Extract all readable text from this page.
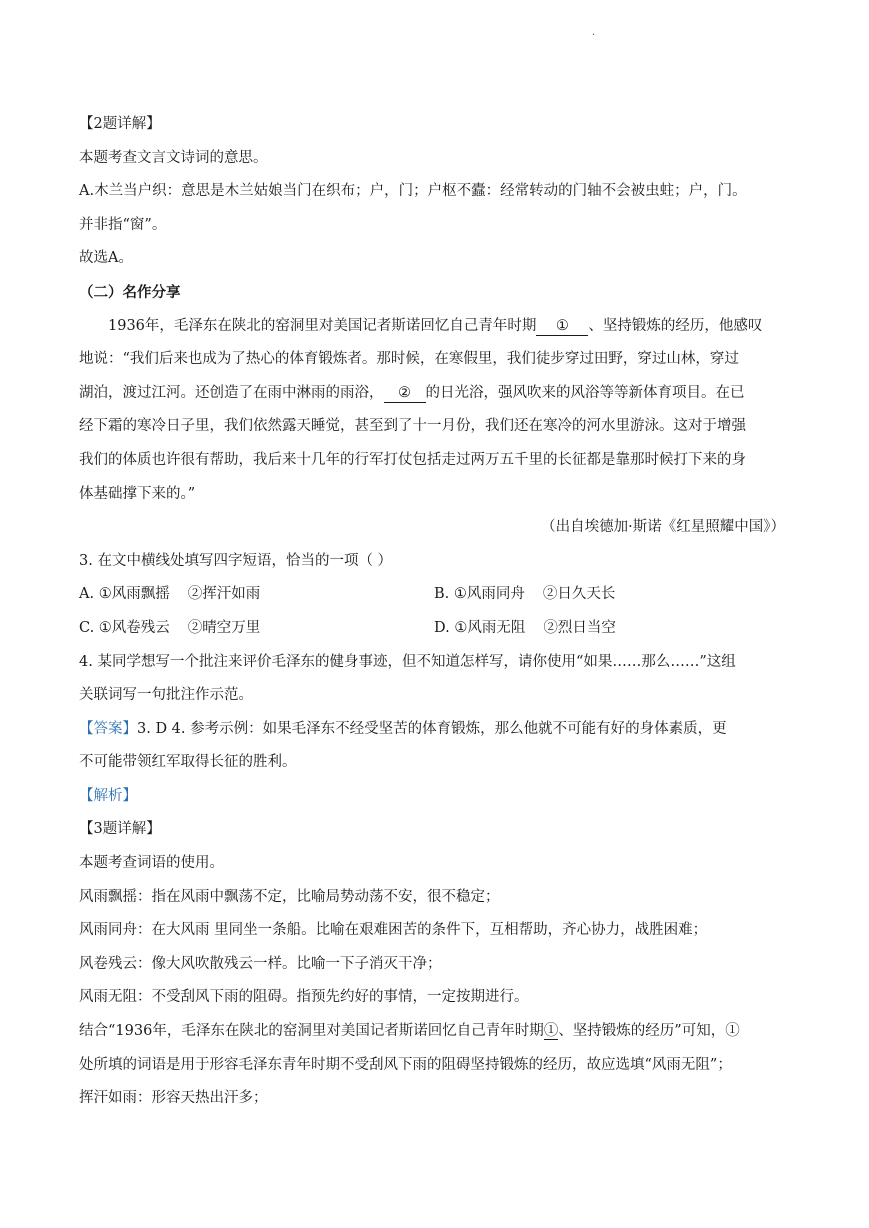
·
【2题详解】
本题考查文言文诗词的意思。
A.木兰当户织：意思是木兰姑娘当门在织布；户，门；户枢不蠹：经常转动的门轴不会被虫蛀；户，门。
并非指“窗”。
故选A。
（二）名作分享
1936年，毛泽东在陕北的窑洞里对美国记者斯诺回忆自己青年时期 ① 、坚持锻炼的经历，他感叹
地说：“我们后来也成为了热心的体育锻炼者。那时候，在寒假里，我们徒步穿过田野，穿过山林，穿过
湖泊，渡过江河。还创造了在雨中淋雨的雨浴， ② 的日光浴，强风吹来的风浴等等新体育项目。在已
经下霜的寒冷日子里，我们依然露天睡觉，甚至到了十一月份，我们还在寒冷的河水里游泳。这对于增强
我们的体质也许很有帮助，我后来十几年的行军打仗包括走过两万五千里的长征都是靠那时候打下来的身
体基础撑下来的。”
（出自埃德加·斯诺《红星照耀中国》）
3. 在文中横线处填写四字短语，恰当的一项（ ）
A. ①风雨飘摇 ②挥汗如雨	B. ①风雨同舟 ②日久天长
C. ①风卷残云 ②晴空万里	D. ①风雨无阻 ②烈日当空
4. 某同学想写一个批注来评价毛泽东的健身事迹，但不知道怎样写，请你使用“如果……那么……”这组
关联词写一句批注作示范。
【答案】3. D 4. 参考示例：如果毛泽东不经受坚苦的体育锻炼，那么他就不可能有好的身体素质，更
不可能带领红军取得长征的胜利。
【解析】
【3题详解】
本题考查词语的使用。
风雨飘摇：指在风雨中飘荡不定，比喻局势动荡不安，很不稳定；
风雨同舟：在大风雨 里同坐一条船。比喻在艰难困苦的条件下，互相帮助，齐心协力，战胜困难；
风卷残云：像大风吹散残云一样。比喻一下子消灭干净；
风雨无阻：不受刮风下雨的阻碍。指预先约好的事情，一定按期进行。
结合“1936年，毛泽东在陕北的窑洞里对美国记者斯诺回忆自己青年时期①、坚持锻炼的经历”可知，①
处所填的词语是用于形容毛泽东青年时期不受刮风下雨的阻碍坚持锻炼的经历，故应选填“风雨无阻”；
挥汗如雨：形容天热出汗多；
